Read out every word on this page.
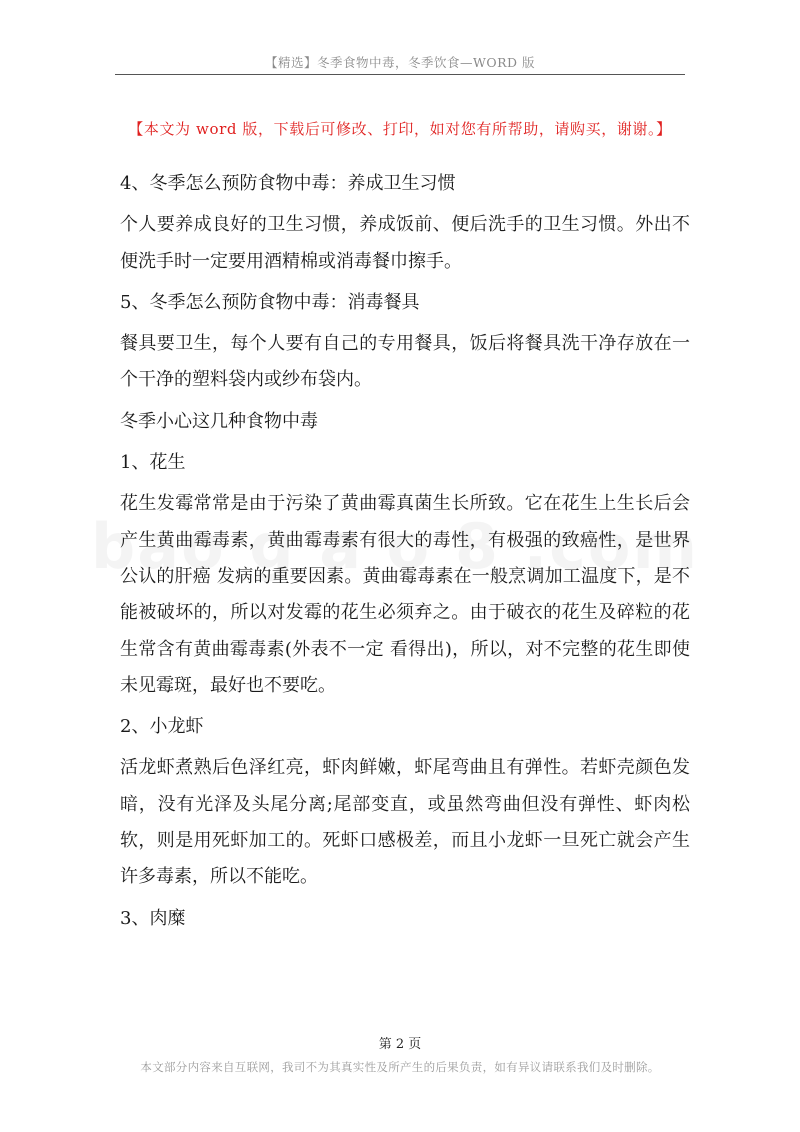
【精选】冬季食物中毒，冬季饮食—WORD 版
【本文为 word 版，下载后可修改、打印，如对您有所帮助，请购买，谢谢。】

4、冬季怎么预防食物中毒：养成卫生习惯

个人要养成良好的卫生习惯，养成饭前、便后洗手的卫生习惯。外出不便洗手时一定要用酒精棉或消毒餐巾擦手。

5、冬季怎么预防食物中毒：消毒餐具

餐具要卫生，每个人要有自己的专用餐具，饭后将餐具洗干净存放在一个干净的塑料袋内或纱布袋内。

冬季小心这几种食物中毒

1、花生

花生发霉常常是由于污染了黄曲霉真菌生长所致。它在花生上生长后会产生黄曲霉毒素，黄曲霉毒素有很大的毒性，有极强的致癌性，是世界公认的肝癌 发病的重要因素。黄曲霉毒素在一般烹调加工温度下，是不能被破坏的，所以对发霉的花生必须弃之。由于破衣的花生及碎粒的花生常含有黄曲霉毒素(外表不一定 看得出)，所以，对不完整的花生即使未见霉斑，最好也不要吃。

2、小龙虾

活龙虾煮熟后色泽红亮，虾肉鲜嫩，虾尾弯曲且有弹性。若虾壳颜色发暗，没有光泽及头尾分离;尾部变直，或虽然弯曲但没有弹性、虾肉松软，则是用死虾加工的。死虾口感极差，而且小龙虾一旦死亡就会产生许多毒素，所以不能吃。

3、肉糜

第 2 页
本文部分内容来自互联网，我司不为其真实性及所产生的后果负责，如有异议请联系我们及时删除。
